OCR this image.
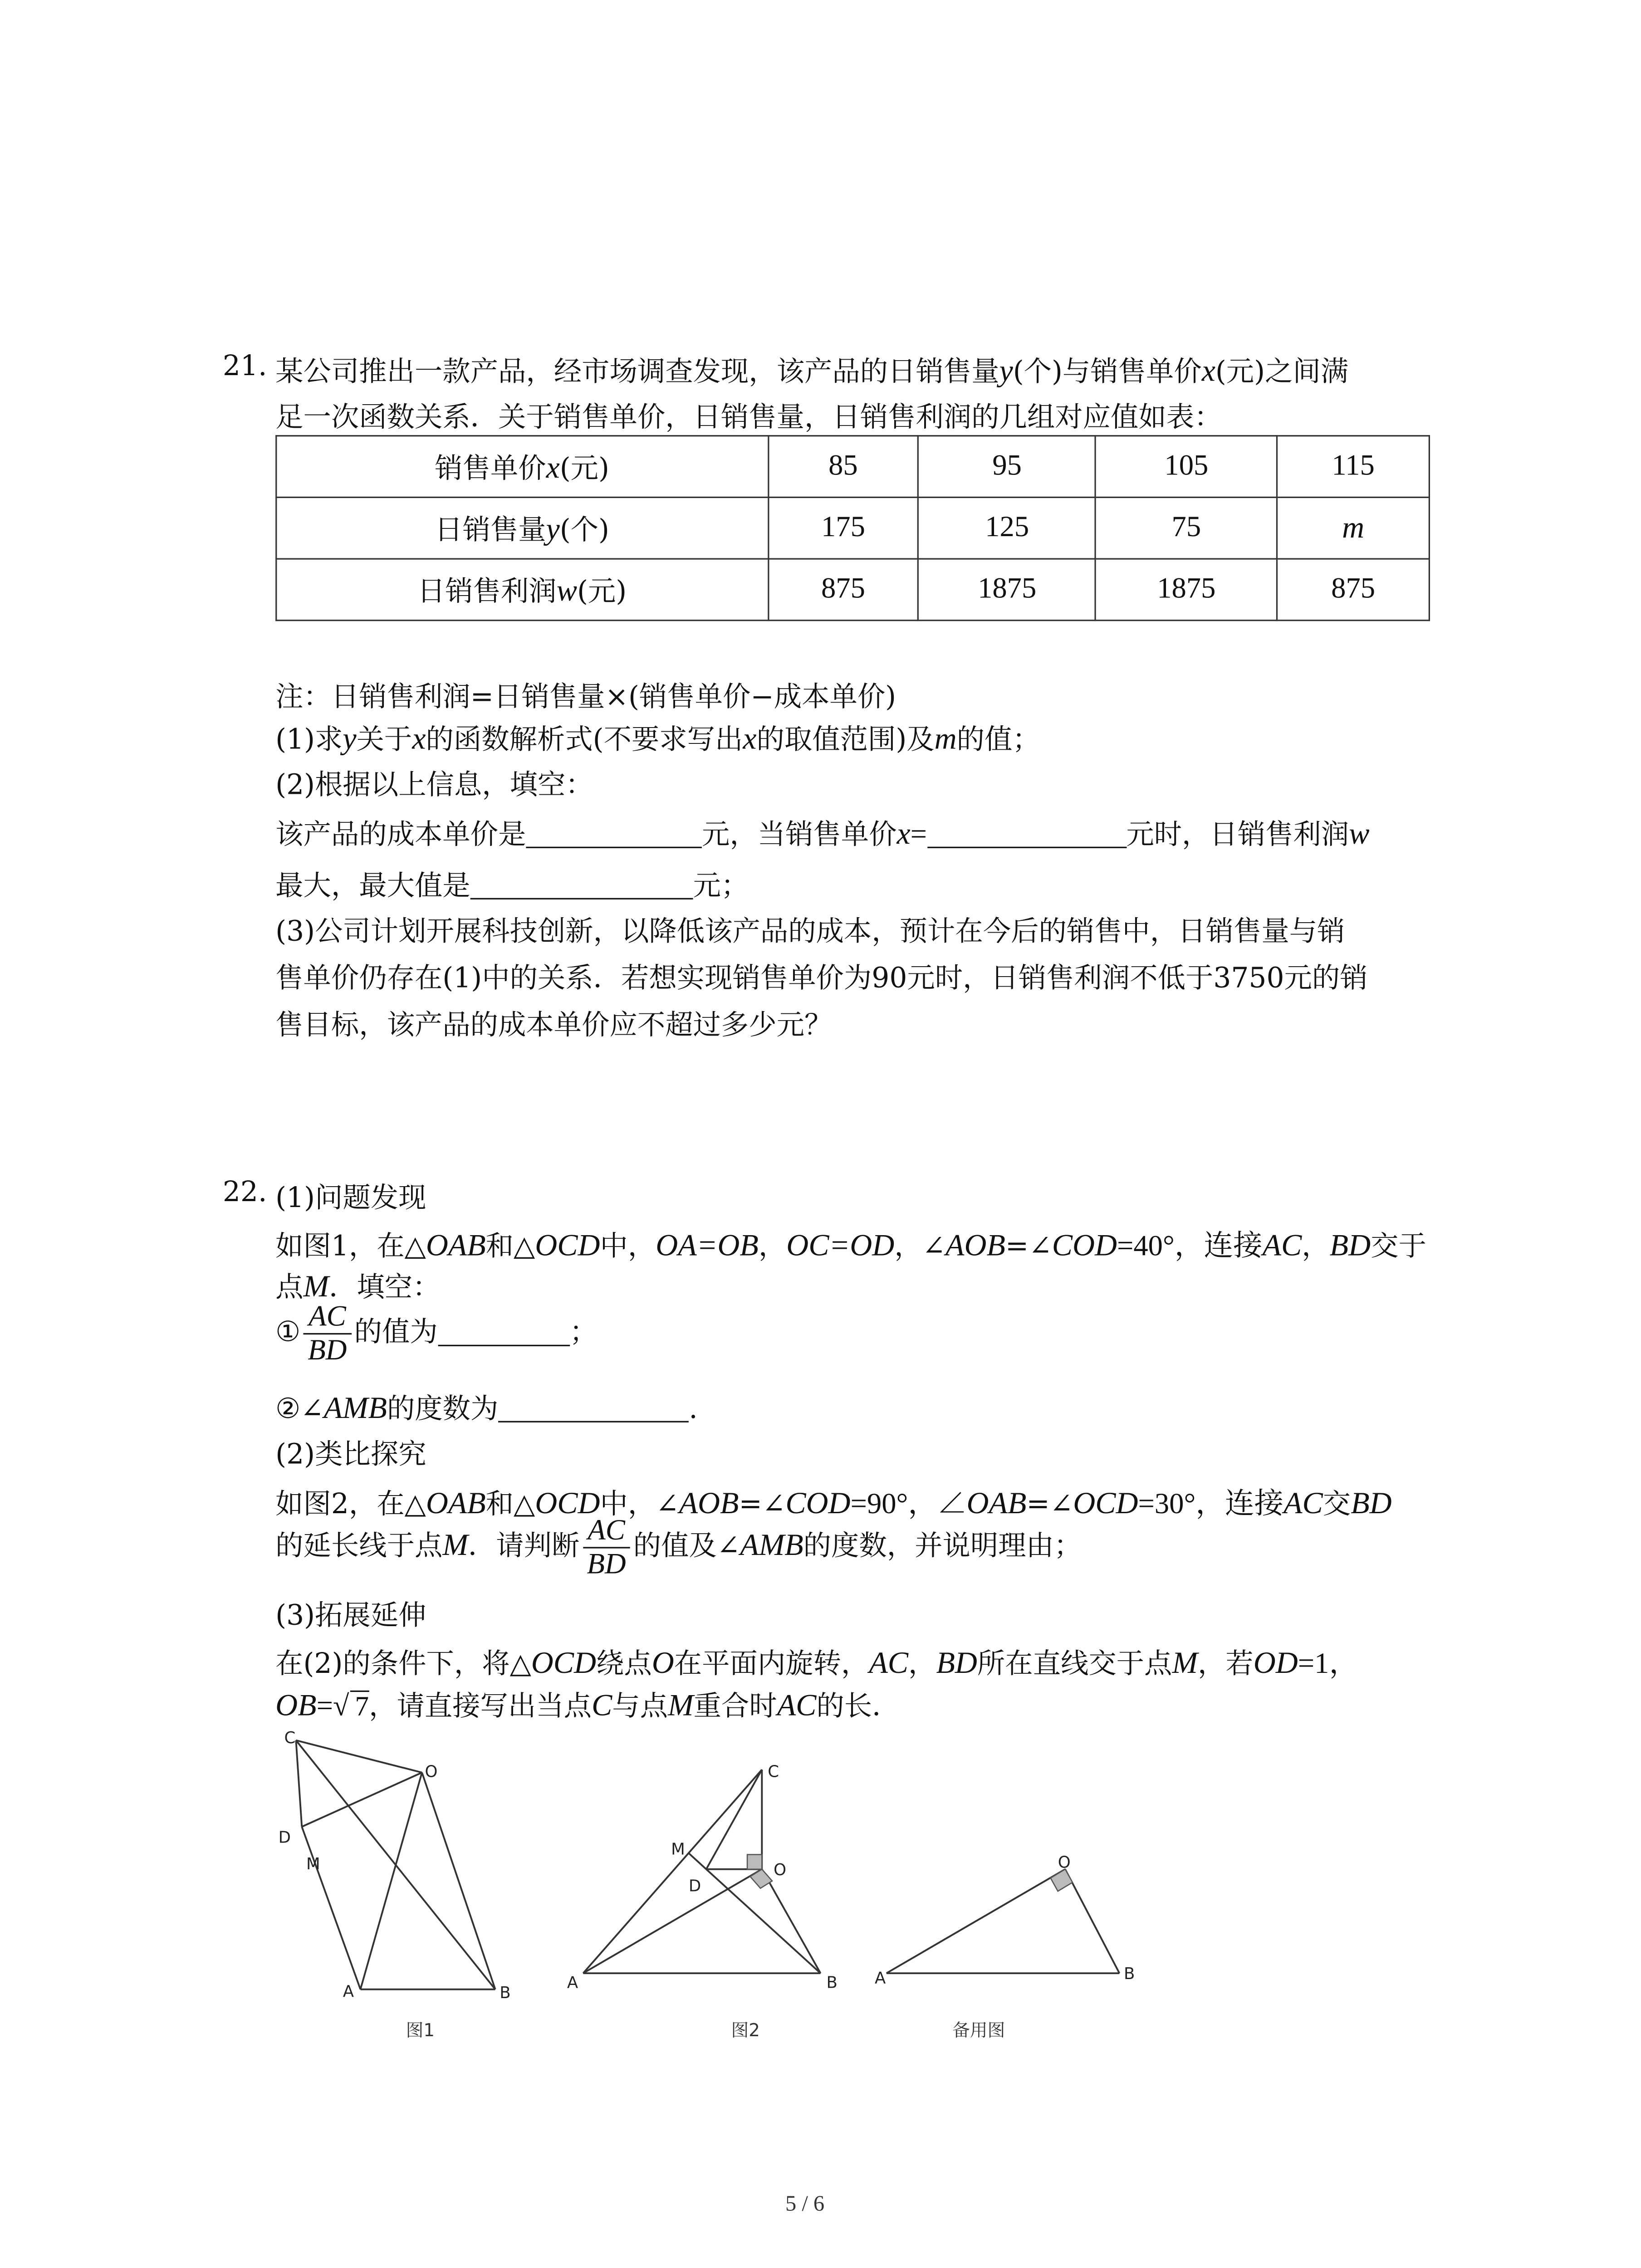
21. 某公司推出一款产品，经市场调查发现，该产品的日销售量y(个)与销售单价x(元)之间满
足一次函数关系．关于销售单价，日销售量，日销售利润的几组对应值如表：
销售单价x(元)	85	95	105	115
日销售量y(个)	175	125	75	m
日销售利润w(元)	875	1875	1875	875
注：日销售利润=日销售量×(销售单价−成本单价)
(1)求y关于x的函数解析式(不要求写出x的取值范围)及m的值；
(2)根据以上信息，填空：
该产品的成本单价是	元，当销售单价x=	元时，日销售利润w
最大，最大值是	元；
(3)公司计划开展科技创新，以降低该产品的成本，预计在今后的销售中，日销售量与销
售单价仍存在(1)中的关系．若想实现销售单价为90元时，日销售利润不低于3750元的销
售目标，该产品的成本单价应不超过多少元？
22. (1)问题发现
如图1，在△OAB和△OCD中，OA=OB，OC=OD，∠AOB=∠COD=40°，连接AC，BD交于
点M．填空：
① $\frac{AC}{BD}$ 的值为	；
②∠AMB的度数为	.
(2)类比探究
如图2，在△OAB和△OCD中，∠AOB=∠COD=90°，∠OAB=∠OCD=30°，连接AC交BD
的延长线于点M．请判断 $\frac{AC}{BD}$ 的值及∠AMB的度数，并说明理由；
(3)拓展延伸
在(2)的条件下，将△OCD绕点O在平面内旋转，AC，BD所在直线交于点M，若OD=1，
OB=√ 7，请直接写出当点C与点M重合时AC的长．
C
O
D
M
A	B
C
M
O
D
A	B
O
A	B
图1	图2	备用图
5 / 6
